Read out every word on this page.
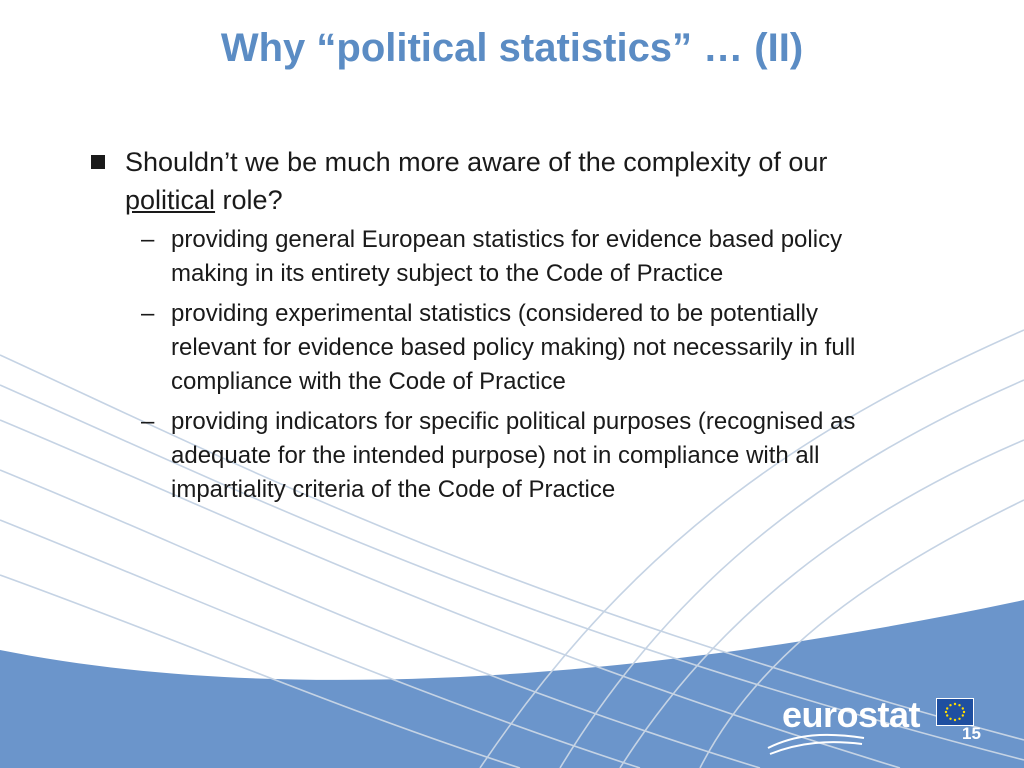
Why “political statistics” … (II)
Shouldn’t we be much more aware of the complexity of our political role?
– providing general European statistics for evidence based policy making in its entirety subject to the Code of Practice
– providing experimental statistics (considered to be potentially relevant for evidence based policy making) not necessarily in full compliance with the Code of Practice
– providing indicators for specific political purposes (recognised as adequate for the intended purpose) not in compliance with all impartiality criteria of the Code of Practice
eurostat 15
